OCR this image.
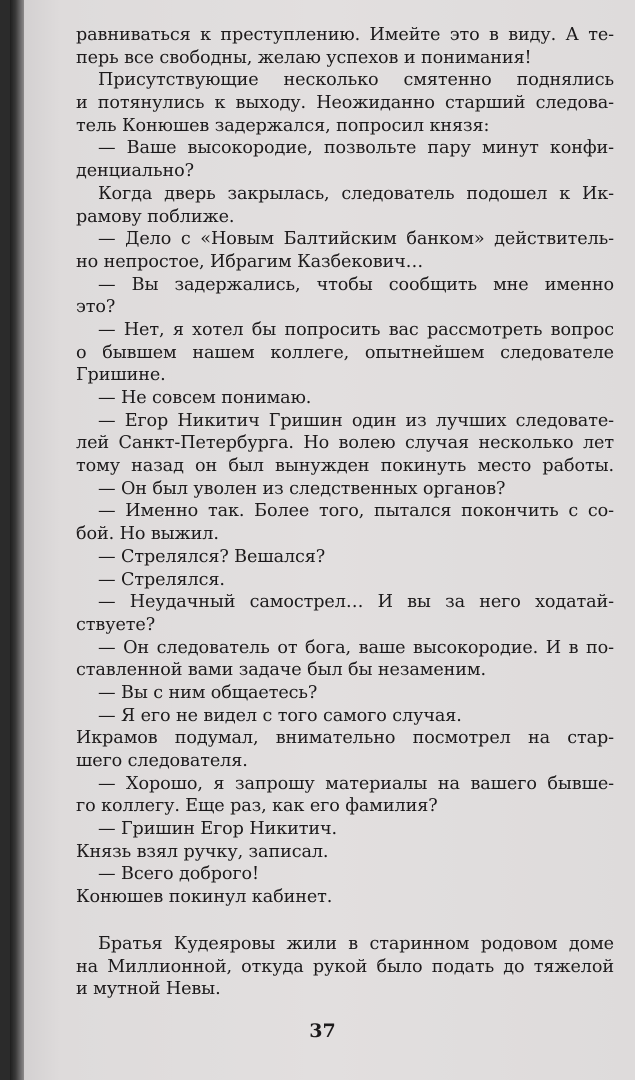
равниваться к преступлению. Имейте это в виду. А те-
перь все свободны, желаю успехов и понимания!
Присутствующие несколько смятенно поднялись
и потянулись к выходу. Неожиданно старший следова-
тель Конюшев задержался, попросил князя:
— Ваше высокородие, позвольте пару минут конфи-
денциально?
Когда дверь закрылась, следователь подошел к Ик-
рамову поближе.
— Дело с «Новым Балтийским банком» действитель-
но непростое, Ибрагим Казбекович…
— Вы задержались, чтобы сообщить мне именно
это?
— Нет, я хотел бы попросить вас рассмотреть вопрос
о бывшем нашем коллеге, опытнейшем следователе
Гришине.
— Не совсем понимаю.
— Егор Никитич Гришин один из лучших следовате-
лей Санкт-Петербурга. Но волею случая несколько лет
тому назад он был вынужден покинуть место работы.
— Он был уволен из следственных органов?
— Именно так. Более того, пытался покончить с со-
бой. Но выжил.
— Стрелялся? Вешался?
— Стрелялся.
— Неудачный самострел… И вы за него ходатай-
ствуете?
— Он следователь от бога, ваше высокородие. И в по-
ставленной вами задаче был бы незаменим.
— Вы с ним общаетесь?
— Я его не видел с того самого случая.
Икрамов подумал, внимательно посмотрел на стар-
шего следователя.
— Хорошо, я запрошу материалы на вашего бывше-
го коллегу. Еще раз, как его фамилия?
— Гришин Егор Никитич.
Князь взял ручку, записал.
— Всего доброго!
Конюшев покинул кабинет.
Братья Кудеяровы жили в старинном родовом доме
на Миллионной, откуда рукой было подать до тяжелой
и мутной Невы.
37
